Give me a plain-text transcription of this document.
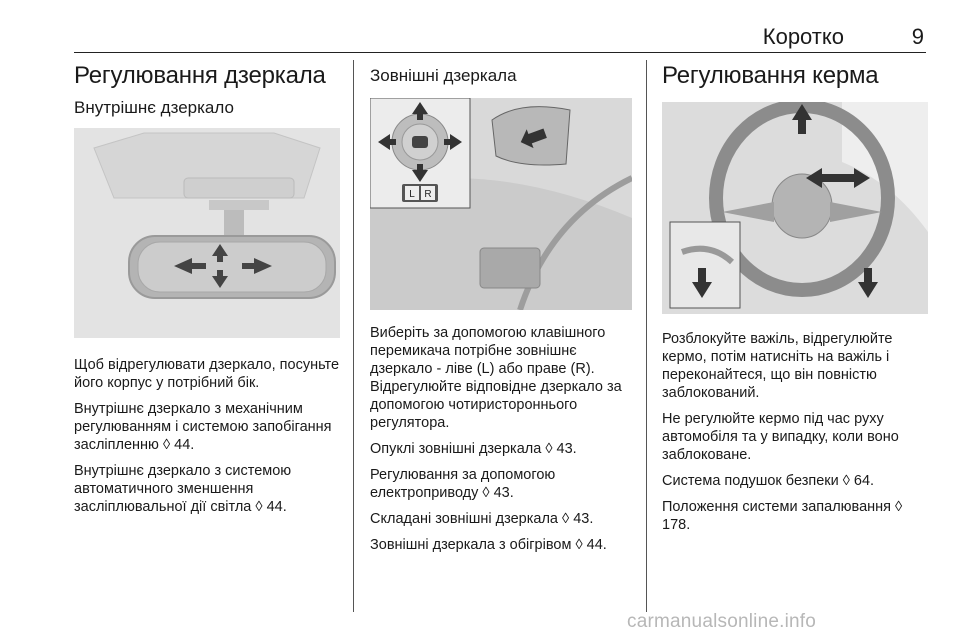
Коротко	9
Регулювання дзеркала
Внутрішнє дзеркало

Щоб відрегулювати дзеркало, посуньте його корпус у потрібний бік.

Внутрішнє дзеркало з механічним регулюванням і системою запобігання засліпленню ◊ 44.

Внутрішнє дзеркало з системою автоматичного зменшення засліплювальної дії світла ◊ 44.

Зовнішні дзеркала
L R

Виберіть за допомогою клавішного перемикача потрібне зовнішнє дзеркало - ліве (L) або праве (R). Відрегулюйте відповідне дзеркало за допомогою чотиристороннього регулятора.

Опуклі зовнішні дзеркала ◊ 43.

Регулювання за допомогою електроприводу ◊ 43.

Складані зовнішні дзеркала ◊ 43.

Зовнішні дзеркала з обігрівом ◊ 44.

Регулювання керма

Розблокуйте важіль, відрегулюйте кермо, потім натисніть на важіль і переконайтеся, що він повністю заблокований.

Не регулюйте кермо під час руху автомобіля та у випадку, коли воно заблоковане.

Система подушок безпеки ◊ 64.

Положення системи запалювання ◊ 178.

carmanualsonline.info
